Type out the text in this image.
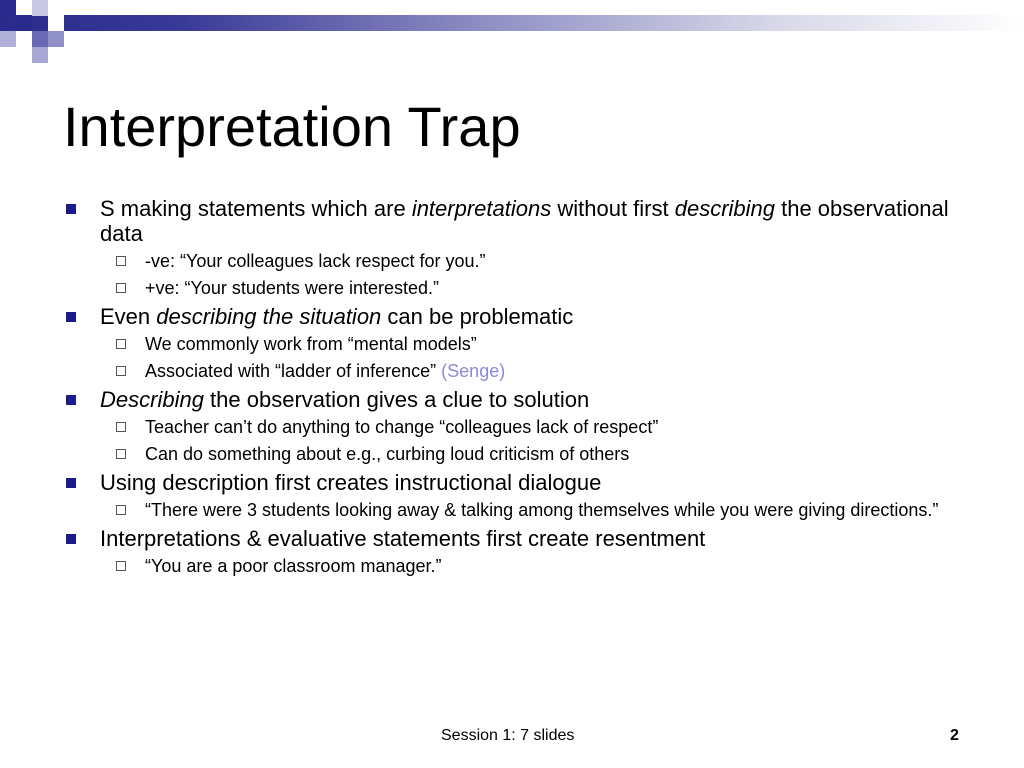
Interpretation Trap
S making statements which are interpretations without first describing the observational data
-ve: “Your colleagues lack respect for you.”
+ve: “Your students were interested.”
Even describing the situation can be problematic
We commonly work from “mental models”
Associated with “ladder of inference” (Senge)
Describing the observation gives a clue to solution
Teacher can’t do anything to change “colleagues lack of respect”
Can do something about e.g., curbing loud criticism of others
Using description first creates instructional dialogue
“There were 3 students looking away & talking among themselves while you were giving directions.”
Interpretations & evaluative statements first create resentment
“You are a poor classroom manager.”
Session 1: 7 slides	2
